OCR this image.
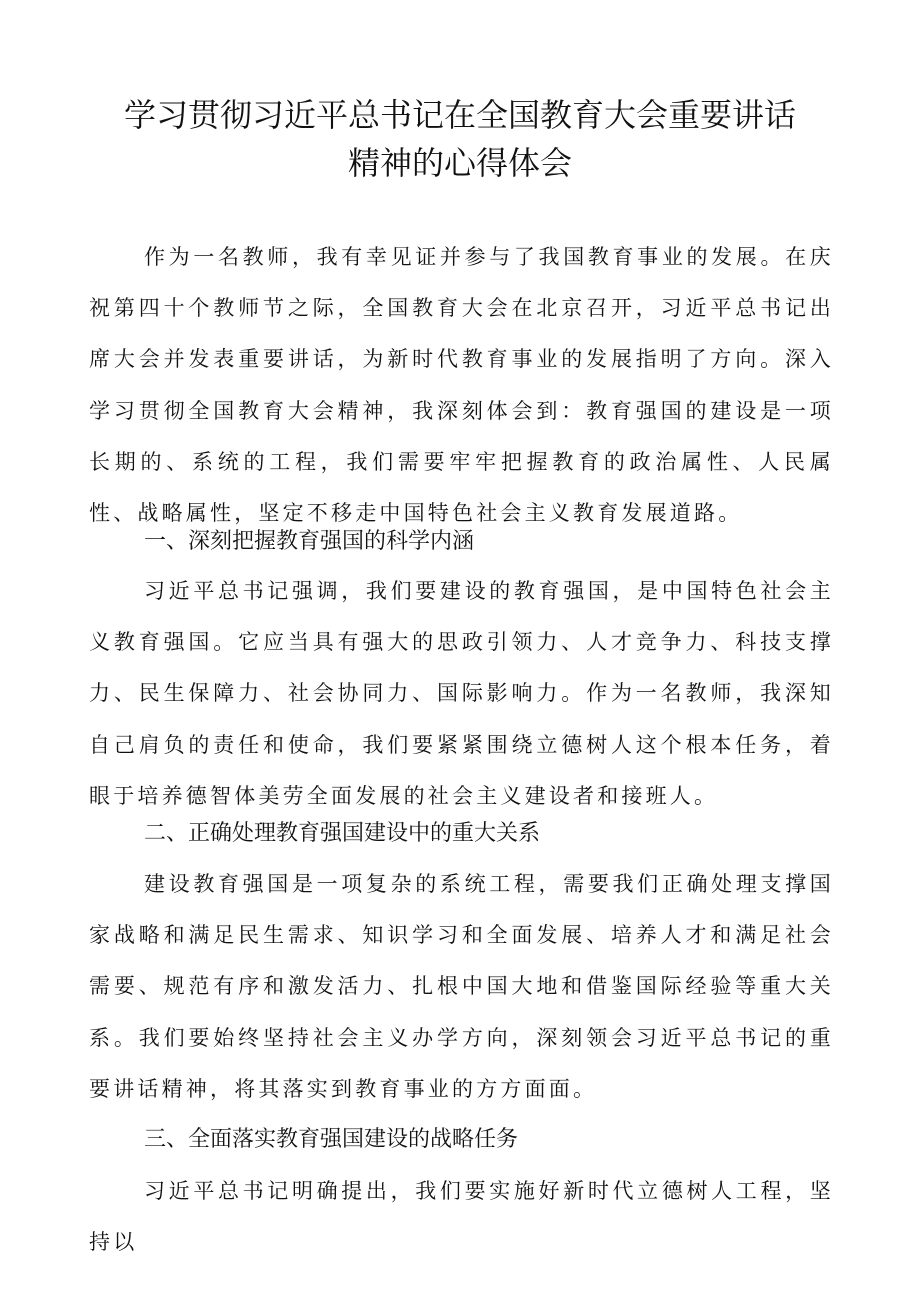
学习贯彻习近平总书记在全国教育大会重要讲话
精神的心得体会

作为一名教师，我有幸见证并参与了我国教育事业的发展。在庆祝第四十个教师节之际，全国教育大会在北京召开，习近平总书记出席大会并发表重要讲话，为新时代教育事业的发展指明了方向。深入学习贯彻全国教育大会精神，我深刻体会到：教育强国的建设是一项长期的、系统的工程，我们需要牢牢把握教育的政治属性、人民属性、战略属性，坚定不移走中国特色社会主义教育发展道路。

一、深刻把握教育强国的科学内涵

习近平总书记强调，我们要建设的教育强国，是中国特色社会主义教育强国。它应当具有强大的思政引领力、人才竞争力、科技支撑力、民生保障力、社会协同力、国际影响力。作为一名教师，我深知自己肩负的责任和使命，我们要紧紧围绕立德树人这个根本任务，着眼于培养德智体美劳全面发展的社会主义建设者和接班人。

二、正确处理教育强国建设中的重大关系

建设教育强国是一项复杂的系统工程，需要我们正确处理支撑国家战略和满足民生需求、知识学习和全面发展、培养人才和满足社会需要、规范有序和激发活力、扎根中国大地和借鉴国际经验等重大关系。我们要始终坚持社会主义办学方向，深刻领会习近平总书记的重要讲话精神，将其落实到教育事业的方方面面。

三、全面落实教育强国建设的战略任务

习近平总书记明确提出，我们要实施好新时代立德树人工程，坚持以
